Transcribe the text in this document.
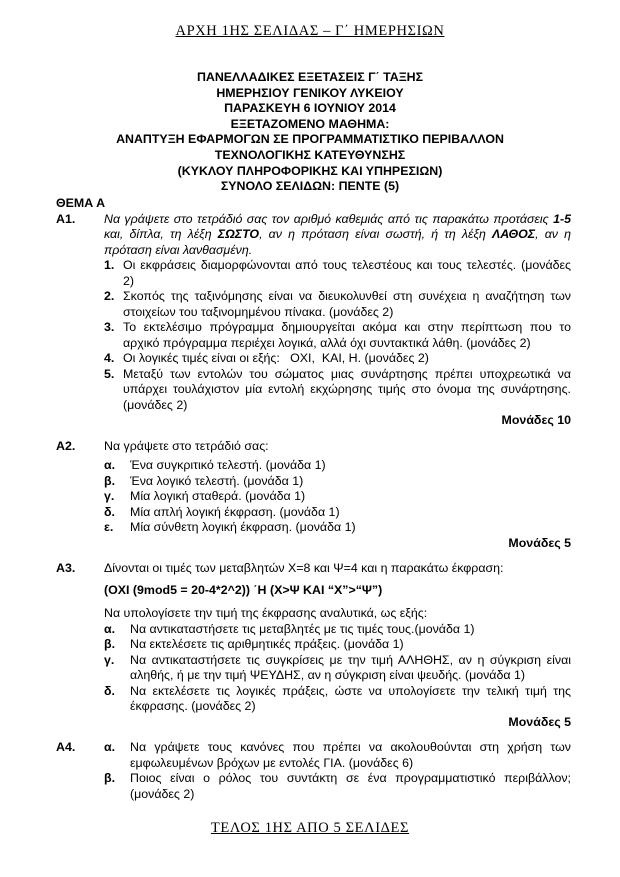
ΑΡΧΗ 1ΗΣ ΣΕΛΙΔΑΣ – Γ΄ ΗΜΕΡΗΣΙΩΝ
ΠΑΝΕΛΛΑΔΙΚΕΣ ΕΞΕΤΑΣΕΙΣ Γ΄ ΤΑΞΗΣ
ΗΜΕΡΗΣΙΟΥ ΓΕΝΙΚΟΥ ΛΥΚΕΙΟΥ
ΠΑΡΑΣΚΕΥΗ 6 ΙΟΥΝΙΟΥ 2014
ΕΞΕΤΑΖΟΜΕΝΟ ΜΑΘΗΜΑ:
ΑΝΑΠΤΥΞΗ ΕΦΑΡΜΟΓΩΝ ΣΕ ΠΡΟΓΡΑΜΜΑΤΙΣΤΙΚΟ ΠΕΡΙΒΑΛΛΟΝ
ΤΕΧΝΟΛΟΓΙΚΗΣ ΚΑΤΕΥΘΥΝΣΗΣ
(ΚΥΚΛΟΥ ΠΛΗΡΟΦΟΡΙΚΗΣ ΚΑΙ ΥΠΗΡΕΣΙΩΝ)
ΣΥΝΟΛΟ ΣΕΛΙΔΩΝ: ΠΕΝΤΕ (5)

ΘΕΜΑ Α

Α1. Να γράψετε στο τετράδιό σας τον αριθμό καθεμιάς από τις παρακάτω προτάσεις 1-5 και, δίπλα, τη λέξη ΣΩΣΤΟ, αν η πρόταση είναι σωστή, ή τη λέξη ΛΑΘΟΣ, αν η πρόταση είναι λανθασμένη.

1. Οι εκφράσεις διαμορφώνονται από τους τελεστέους και τους τελεστές. (μονάδες 2)

2. Σκοπός της ταξινόμησης είναι να διευκολυνθεί στη συνέχεια η αναζήτηση των στοιχείων του ταξινομημένου πίνακα. (μονάδες 2)

3. Το εκτελέσιμο πρόγραμμα δημιουργείται ακόμα και στην περίπτωση που το αρχικό πρόγραμμα περιέχει λογικά, αλλά όχι συντακτικά λάθη. (μονάδες 2)

4. Οι λογικές τιμές είναι οι εξής:   ΟΧΙ,  ΚΑΙ, Η. (μονάδες 2)

5. Μεταξύ των εντολών του σώματος μιας συνάρτησης πρέπει υποχρεωτικά να υπάρχει τουλάχιστον μία εντολή εκχώρησης τιμής στο όνομα της συνάρτησης. (μονάδες 2)

Μονάδες 10
Α2. Να γράψετε στο τετράδιό σας:

α. Ένα συγκριτικό τελεστή. (μονάδα 1)

β. Ένα λογικό τελεστή. (μονάδα 1)

γ. Μία λογική σταθερά. (μονάδα 1)

δ. Μία απλή λογική έκφραση. (μονάδα 1)

ε. Μία σύνθετη λογική έκφραση. (μονάδα 1)

Μονάδες 5
Α3. Δίνονται οι τιμές των μεταβλητών Χ=8 και Ψ=4 και η παρακάτω έκφραση:

(ΟΧΙ (9mod5 = 20-4*2^2)) ΄Η (Χ>Ψ ΚΑΙ “Χ”>“Ψ”)

Να υπολογίσετε την τιμή της έκφρασης αναλυτικά, ως εξής:

α. Να αντικαταστήσετε τις μεταβλητές με τις τιμές τους.(μονάδα 1)

β. Να εκτελέσετε τις αριθμητικές πράξεις. (μονάδα 1)

γ. Να αντικαταστήσετε τις συγκρίσεις με την τιμή ΑΛΗΘΗΣ, αν η σύγκριση είναι αληθής, ή με την τιμή ΨΕΥΔΗΣ, αν η σύγκριση είναι ψευδής. (μονάδα 1)

δ. Να εκτελέσετε τις λογικές πράξεις, ώστε να υπολογίσετε την τελική τιμή της έκφρασης. (μονάδες 2)

Μονάδες 5
Α4. α. Να γράψετε τους κανόνες που πρέπει να ακολουθούνται στη χρήση των εμφωλευμένων βρόχων με εντολές ΓΙΑ. (μονάδες 6)

β. Ποιος είναι ο ρόλος του συντάκτη σε ένα προγραμματιστικό περιβάλλον; (μονάδες 2)

ΤΕΛΟΣ 1ΗΣ ΑΠΟ 5 ΣΕΛΙΔΕΣ
